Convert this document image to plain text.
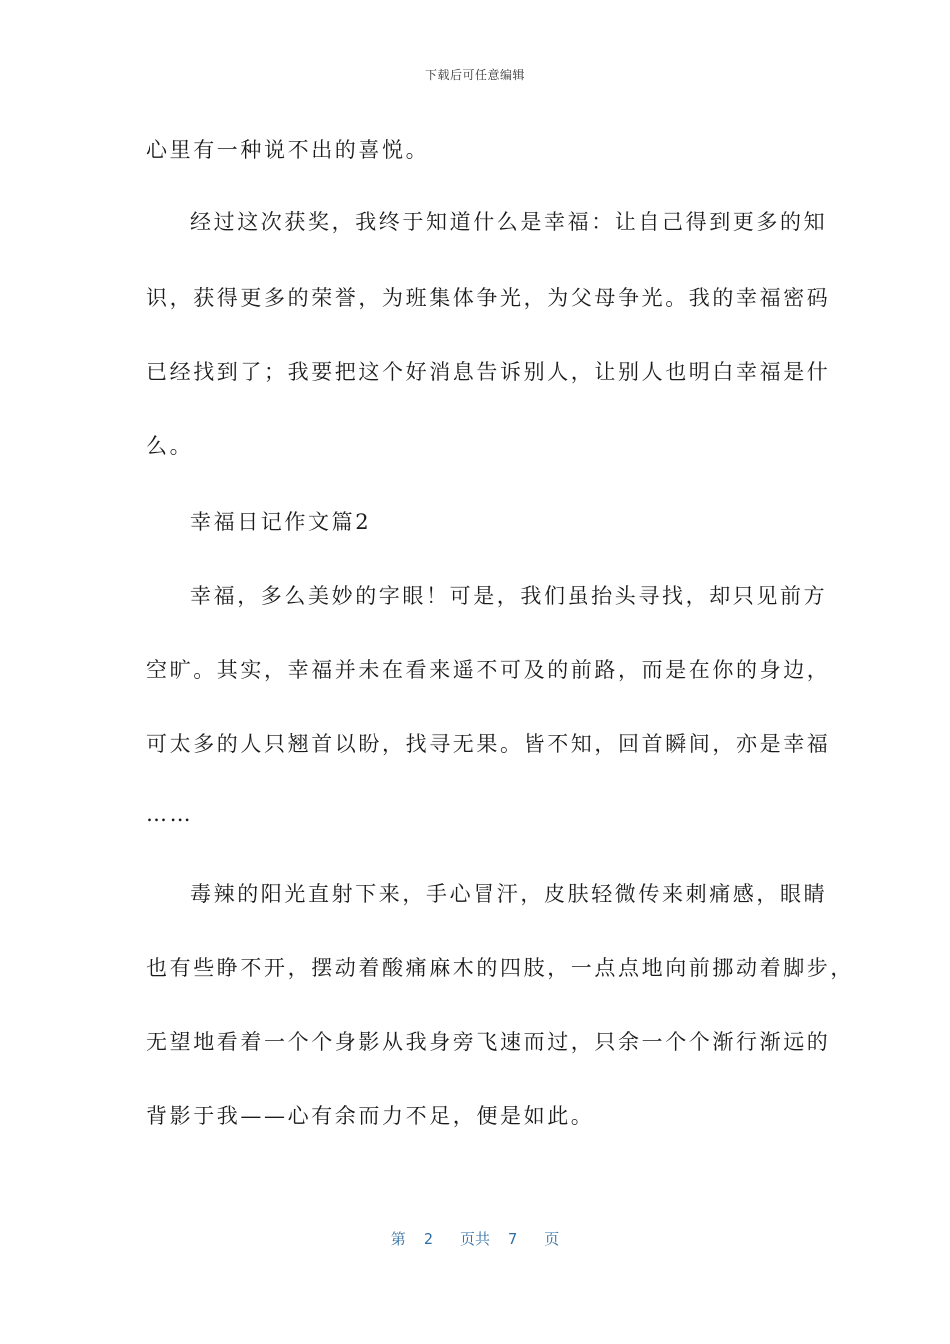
下载后可任意编辑
心里有一种说不出的喜悦。
经过这次获奖，我终于知道什么是幸福：让自己得到更多的知
识，获得更多的荣誉，为班集体争光，为父母争光。我的幸福密码
已经找到了；我要把这个好消息告诉别人，让别人也明白幸福是什
么。
幸福日记作文篇2
幸福，多么美妙的字眼！可是，我们虽抬头寻找，却只见前方
空旷。其实，幸福并未在看来遥不可及的前路，而是在你的身边，
可太多的人只翘首以盼，找寻无果。皆不知，回首瞬间，亦是幸福
……
毒辣的阳光直射下来，手心冒汗，皮肤轻微传来刺痛感，眼睛
也有些睁不开，摆动着酸痛麻木的四肢，一点点地向前挪动着脚步，
无望地看着一个个身影从我身旁飞速而过，只余一个个渐行渐远的
背影于我——心有余而力不足，便是如此。
第 2 页共 7 页
